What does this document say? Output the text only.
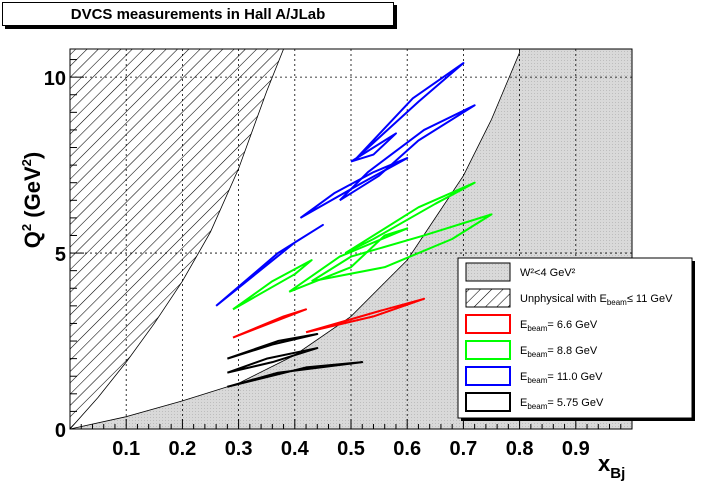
DVCS measurements in Hall A/JLab
0.1 0.2 0.3 0.4 0.5 0.6 0.7 0.8 0.9
0
5
10
$x_{Bj}$
$Q^2$ (GeV$^2$)
W²<4 GeV²
Unphysical with $E_{beam}\le 11$ GeV
$E_{beam}= 6.6$ GeV
$E_{beam}= 8.8$ GeV
$E_{beam}= 11.0$ GeV
$E_{beam}= 5.75$ GeV
